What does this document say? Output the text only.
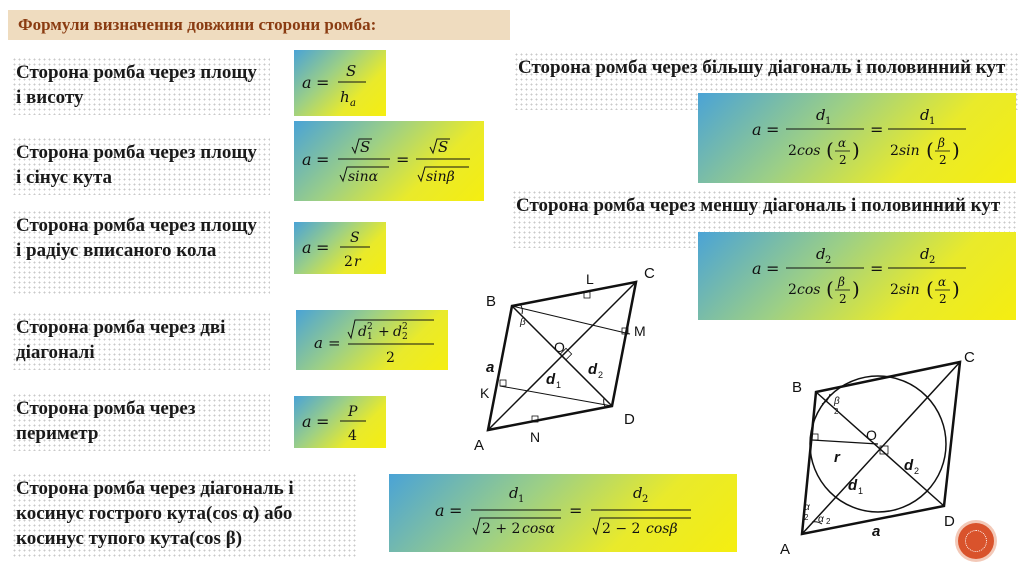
Формули визначення довжини сторони ромба:
Сторона ромба через площу і висоту
Сторона ромба через площу і сінус кута
Сторона ромба через площу і радіус вписаного кола
Сторона ромба через дві діагоналі
Сторона ромба через периметр
Сторона ромба через діагональ і косинус гострого кута(cos α) або косинус тупого кута(cos β)
Сторона ромба через більшу діагональ і половинний кут
Сторона ромба через меншу діагональ і половинний кут
a =
S
h a
a =
S
sinα
=
S
sinβ
a = S
2 r
a =
d 2
1 + d 2
2
2
a = P
4
a =
d 1
2 + 2 cosα
=
d 2
2 − 2 cosβ
a =
d 1
2 cos ( α
2 )
=
d 1
2 sin ( β
2 )
a =
d 2
2 cos ( β
2 )
=
d 2
2 sin ( α
2 )
B
C
D
A
K
L
M
N
O
a
d 1
d 2
β
B
C
D
A
O
r
a
d 1
d 2
β
2
α
2 α 2
